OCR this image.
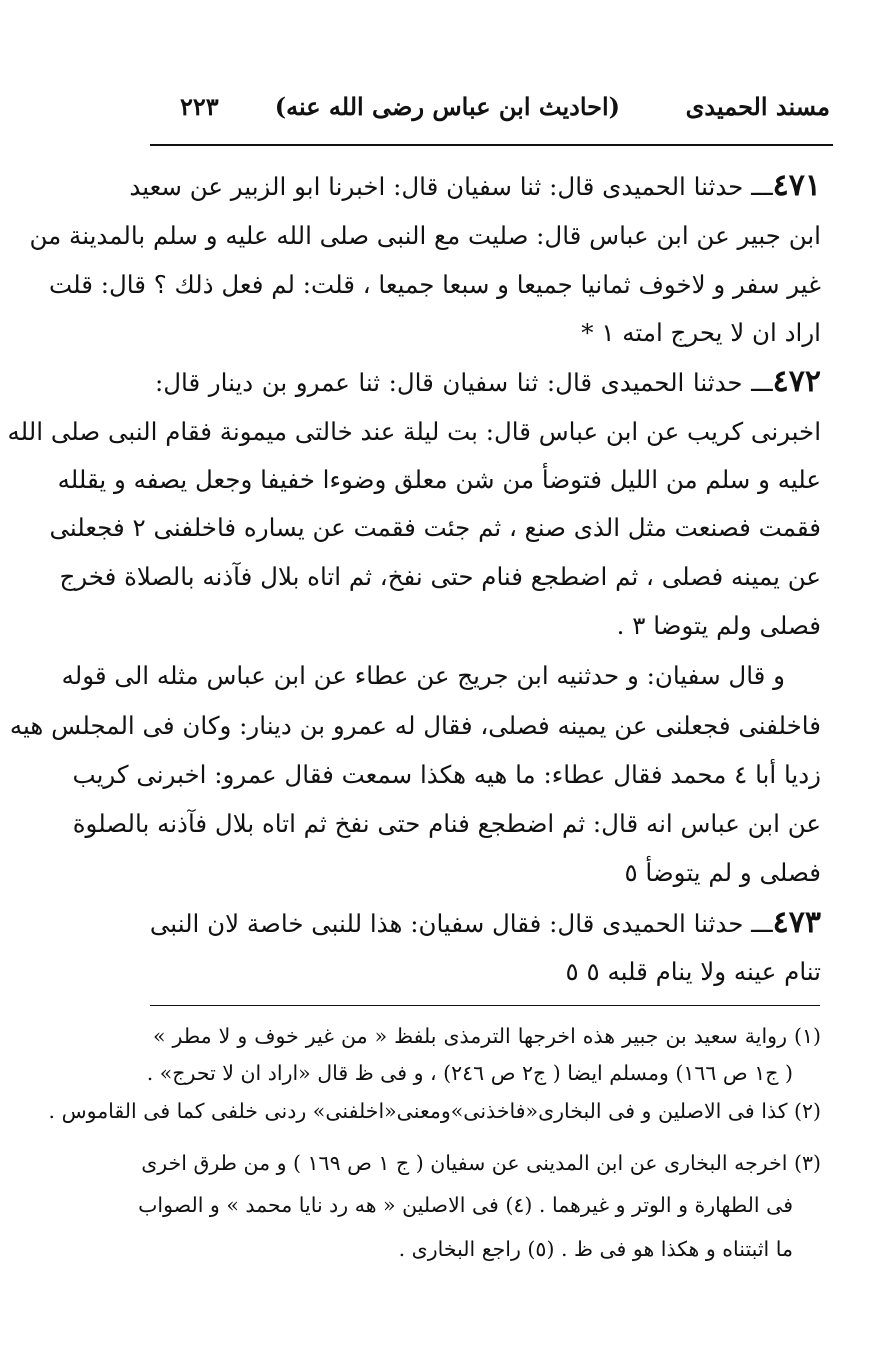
مسند الحميدى
(احاديث ابن عباس رضى الله عنه)
٢٢٣
٤٧١ـــ حدثنا الحميدى قال: ثنا سفيان قال: اخبرنا ابو الزبير عن سعيد
ابن جبير عن ابن عباس قال: صليت مع النبى صلى الله عليه و سلم بالمدينة من
غير سفر و لاخوف ثمانيا جميعا و سبعا جميعا ، قلت: لم فعل ذلك ؟ قال: قلت
اراد ان لا يحرج امته ١ *
٤٧٢ـــ حدثنا الحميدى قال: ثنا سفيان قال: ثنا عمرو بن دينار قال:
اخبرنى كريب عن ابن عباس قال: بت ليلة عند خالتى ميمونة فقام النبى صلى الله
عليه و سلم من الليل فتوضأ من شن معلق وضوءا خفيفا وجعل يصفه و يقلله
فقمت فصنعت مثل الذى صنع ، ثم جئت فقمت عن يساره فاخلفنى ٢ فجعلنى
عن يمينه فصلى ، ثم اضطجع فنام حتى نفخ، ثم اتاه بلال فآذنه بالصلاة فخرج
فصلى ولم يتوضا ٣ .
و قال سفيان: و حدثنيه ابن جريج عن عطاء عن ابن عباس مثله الى قوله
فاخلفنى فجعلنى عن يمينه فصلى، فقال له عمرو بن دينار: وكان فى المجلس هيه
زديا أبا ٤ محمد فقال عطاء: ما هيه هكذا سمعت فقال عمرو: اخبرنى كريب
عن ابن عباس انه قال: ثم اضطجع فنام حتى نفخ ثم اتاه بلال فآذنه بالصلوة
فصلى و لم يتوضأ ٥
٤٧٣ـــ حدثنا الحميدى قال: فقال سفيان: هذا للنبى خاصة لان النبى
تنام عينه ولا ينام قلبه ٥ ٥
(١) رواية سعيد بن جبير هذه اخرجها الترمذى بلفظ « من غير خوف و لا مطر »
( ج١ ص ١٦٦) ومسلم ايضا ( ج٢ ص ٢٤٦) ، و فى ظ قال «اراد ان لا تحرج» .
(٢) كذا فى الاصلين و فى البخارى«فاخذنى»ومعنى«اخلفنى» ردنى خلفى كما فى القاموس .
(٣) اخرجه البخارى عن ابن المدينى عن سفيان ( ج ١ ص ١٦٩ ) و من طرق اخرى
فى الطهارة و الوتر و غيرهما . (٤) فى الاصلين « هه رد نايا محمد » و الصواب
ما اثبتناه و هكذا هو فى ظ . (٥) راجع البخارى .
